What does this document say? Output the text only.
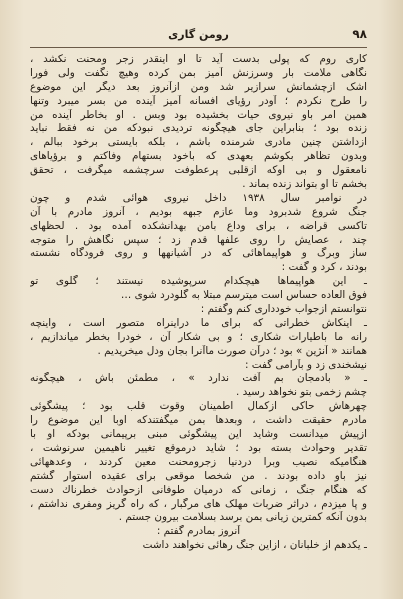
۹۸
رومن گاری
کاری روم که پولی بدست آید تا او اینقدر زجر ومحنت نکشد ،
نگاهی ملامت بار وسرزنش آمیز بمن کرده وهیچ نگفت ولی فورا
اشک ازچشمانش سرازیر شد ومن ازآنروز بعد دیگر این موضوع
را طرح نکردم ؛ آودر رؤیای افسانه آمیز آینده من بسر میبرد وتنها
همین امر باو نیروی حیات بخشیده بود وبس . او بخاطر آینده من
زنده بود ؛ بنابراین جای هیچگونه تردیدی نبودکه من نه فقط نباید
ازداشتن چنین مادری شرمنده باشم ، بلکه بایستی برخود ببالم ،
وبدون تظاهر بکوشم بعهدی که باخود بستهام وفاکتم و برؤیاهای
نامعقول و بی اوکه ازقلبی پرعطوفت سرچشمه میگرفت ، تحقق
بخشم تا او بتواند زنده بماند .
در نوامبر سال ۱۹۳۸ داخل نیروی هوائی شدم و چون
جنگ شروع شدبرود وما عازم جبهه بودیم ، آنروز مادرم با آن
تاکسی قراضه ، برای وداع بامن بهدانشکده آمده بود . لحظهای
چند ، عصایش را روی علفها قدم زد ؛ سپس نگاهش را متوجه
ساز وبرگ و هواپیماهائی که در آشیانهها و روی فرودگاه نشسته
بودند ، کرد و گفت :
ـ این هواپیماها هیچکدام سرپوشیده نیستند ؛ گلوی تو
فوق العاده حساس است میترسم مبتلا به گلودرد شوی …
نتوانستم ازجواب خودداری کنم وگفتم :
ـ اینکاش خطراتی که برای ما دراینراه متصور است ، واینچه
رانه ما باطیارات شکاری ؛ و بی شکار آن ، خودرا بخطر میاندازیم ،
همانند « آنژین » بود ؛ درآن صورت ماآنرا بجان ودل میخریدیم .
نیشخندی زد و بآرامی گفت :
ـ « بادمجان بم آفت ندارد » ، مطمئن باش ، هیچگونه
چشم زخمی بتو نخواهد رسید .
چهرهاش حاکی ازکمال اطمینان وقوت قلب بود ؛ پیشگوئی
مادرم حقیقت داشت ، وبعدها بمن میگفتندکه اوبا این موضوع را
ازپیش میدانست وشاید این پیشگوئی مبنی برپیمانی بودکه او با
تقدیر وحوادث بسته بود ؛ شاید درموقع تغییر ناهیمین سرنوشت ،
هنگامیکه نصیب وبرا دردنیا زجرومحنت معین کردند ، وعدههائی
نیز باو داده بودند . من شخصا موقعی برای عقیده استوار گشتم
که هنگام جنگ ، زمانی که درمیان طوفانی ازحوادث خطرناك دست
و پا میزدم ، دراثر ضربات مهلک های مرگبار ، که راه گریز ومفری نداشتم ،
بدون آنکه کمترین زیانی بمن برسد بسلامت بیرون جستم .
آنروز بمادرم گفتم :
ـ یکدهم از خلبانان ، ازاین جنگ رهائی نخواهند داشت
